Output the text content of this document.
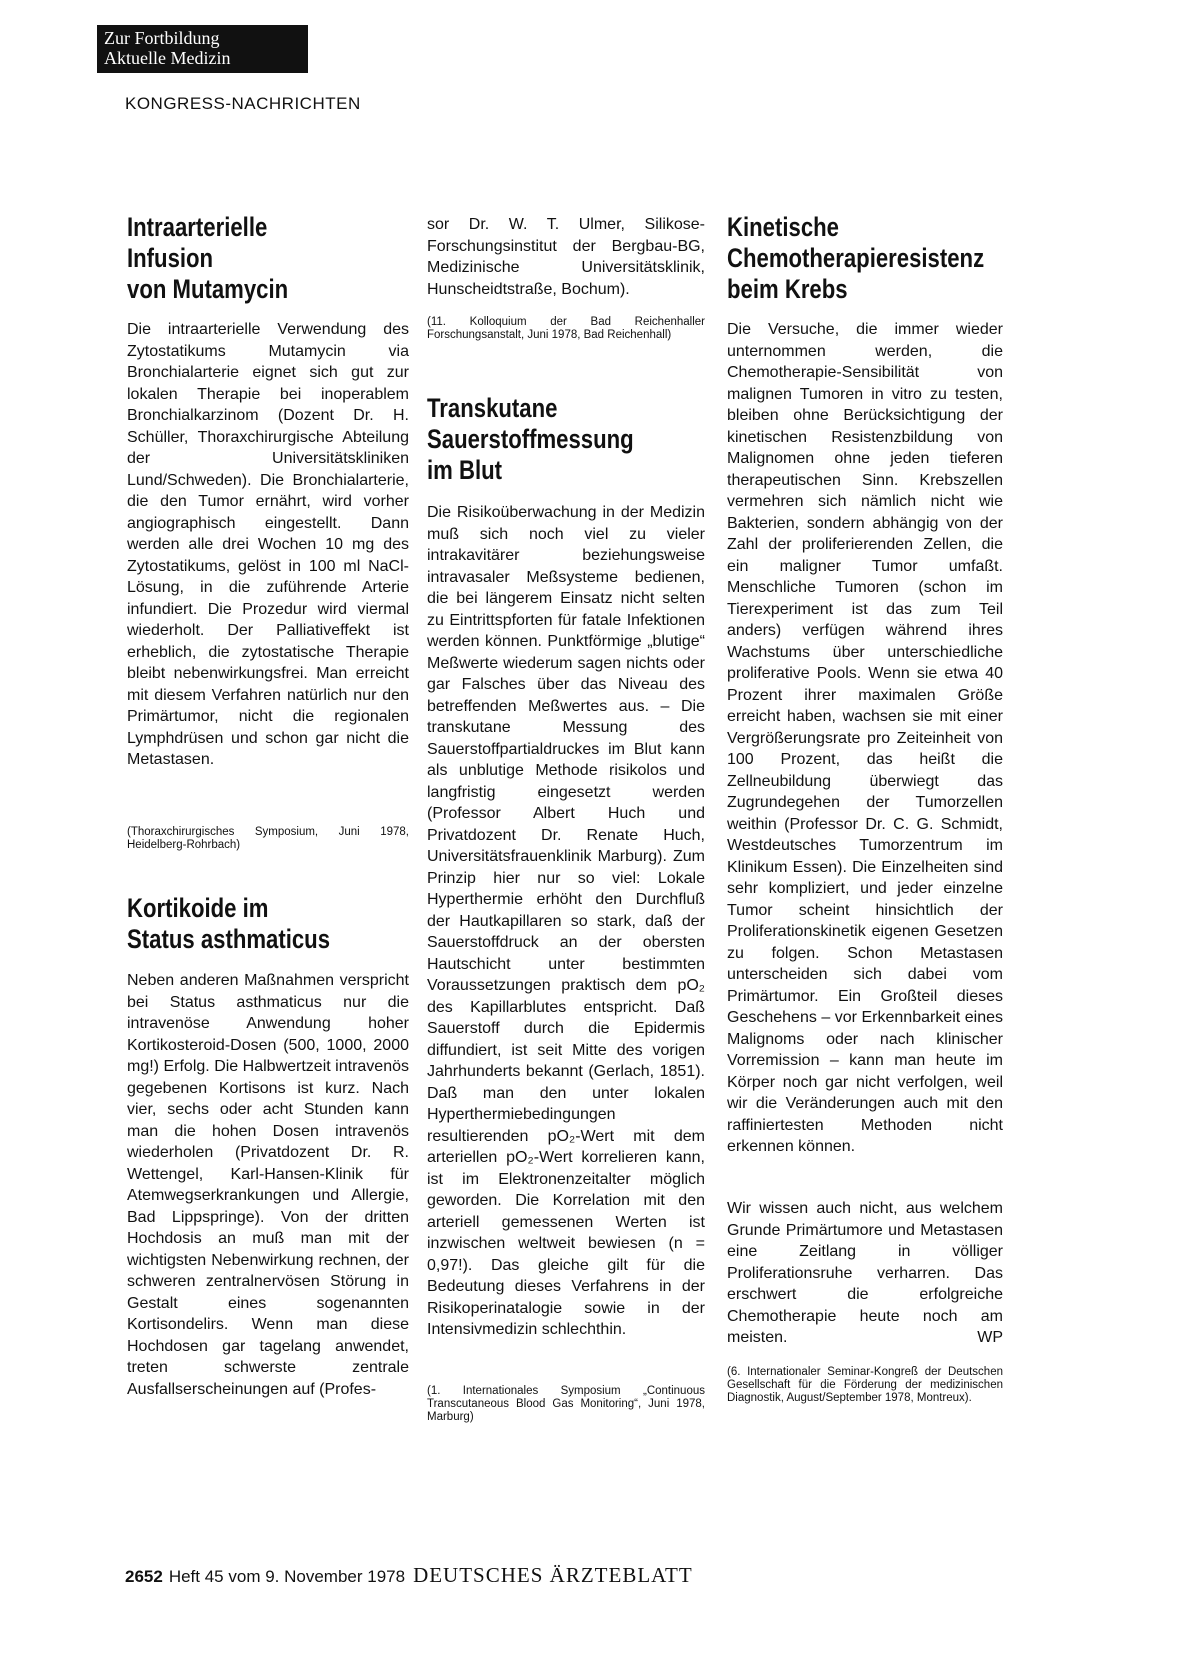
Zur Fortbildung
Aktuelle Medizin
KONGRESS-NACHRICHTEN
Intraarterielle
Infusion
von Mutamycin
Die intraarterielle Verwendung des Zytostatikums Mutamycin via Bronchialarterie eignet sich gut zur lokalen Therapie bei inoperablem Bronchialkarzinom (Dozent Dr. H. Schüller, Thoraxchirurgische Abteilung der Universitätskliniken Lund/Schweden). Die Bronchialarterie, die den Tumor ernährt, wird vorher angiographisch eingestellt. Dann werden alle drei Wochen 10 mg des Zytostatikums, gelöst in 100 ml NaCl-Lösung, in die zuführende Arterie infundiert. Die Prozedur wird viermal wiederholt. Der Palliativeffekt ist erheblich, die zytostatische Therapie bleibt nebenwirkungsfrei. Man erreicht mit diesem Verfahren natürlich nur den Primärtumor, nicht die regionalen Lymphdrüsen und schon gar nicht die Metastasen.
(Thoraxchirurgisches Symposium, Juni 1978, Heidelberg-Rohrbach)
Kortikoide im
Status asthmaticus
Neben anderen Maßnahmen verspricht bei Status asthmaticus nur die intravenöse Anwendung hoher Kortikosteroid-Dosen (500, 1000, 2000 mg!) Erfolg. Die Halbwertzeit intravenös gegebenen Kortisons ist kurz. Nach vier, sechs oder acht Stunden kann man die hohen Dosen intravenös wiederholen (Privatdozent Dr. R. Wettengel, Karl-Hansen-Klinik für Atemwegserkrankungen und Allergie, Bad Lippspringe). Von der dritten Hochdosis an muß man mit der wichtigsten Nebenwirkung rechnen, der schweren zentralnervösen Störung in Gestalt eines sogenannten Kortisondelirs. Wenn man diese Hochdosen gar tagelang anwendet, treten schwerste zentrale Ausfallserscheinungen auf (Profes-
sor Dr. W. T. Ulmer, Silikose-Forschungsinstitut der Bergbau-BG, Medizinische Universitätsklinik, Hunscheidtstraße, Bochum).
(11. Kolloquium der Bad Reichenhaller Forschungsanstalt, Juni 1978, Bad Reichenhall)
Transkutane
Sauerstoffmessung
im Blut
Die Risikoüberwachung in der Medizin muß sich noch viel zu vieler intrakavitärer beziehungsweise intravasaler Meßsysteme bedienen, die bei längerem Einsatz nicht selten zu Eintrittspforten für fatale Infektionen werden können. Punktförmige „blutige“ Meßwerte wiederum sagen nichts oder gar Falsches über das Niveau des betreffenden Meßwertes aus. – Die transkutane Messung des Sauerstoffpartialdruckes im Blut kann als unblutige Methode risikolos und langfristig eingesetzt werden (Professor Albert Huch und Privatdozent Dr. Renate Huch, Universitätsfrauenklinik Marburg). Zum Prinzip hier nur so viel: Lokale Hyperthermie erhöht den Durchfluß der Hautkapillaren so stark, daß der Sauerstoffdruck an der obersten Hautschicht unter bestimmten Voraussetzungen praktisch dem pO₂ des Kapillarblutes entspricht. Daß Sauerstoff durch die Epidermis diffundiert, ist seit Mitte des vorigen Jahrhunderts bekannt (Gerlach, 1851). Daß man den unter lokalen Hyperthermiebedingungen resultierenden pO₂-Wert mit dem arteriellen pO₂-Wert korrelieren kann, ist im Elektronenzeitalter möglich geworden. Die Korrelation mit den arteriell gemessenen Werten ist inzwischen weltweit bewiesen (n = 0,97!). Das gleiche gilt für die Bedeutung dieses Verfahrens in der Risikoperinatalogie sowie in der Intensivmedizin schlechthin.
(1. Internationales Symposium „Continuous Transcutaneous Blood Gas Monitoring“, Juni 1978, Marburg)
Kinetische
Chemotherapieresistenz
beim Krebs
Die Versuche, die immer wieder unternommen werden, die Chemotherapie-Sensibilität von malignen Tumoren in vitro zu testen, bleiben ohne Berücksichtigung der kinetischen Resistenzbildung von Malignomen ohne jeden tieferen therapeutischen Sinn. Krebszellen vermehren sich nämlich nicht wie Bakterien, sondern abhängig von der Zahl der proliferierenden Zellen, die ein maligner Tumor umfaßt. Menschliche Tumoren (schon im Tierexperiment ist das zum Teil anders) verfügen während ihres Wachstums über unterschiedliche proliferative Pools. Wenn sie etwa 40 Prozent ihrer maximalen Größe erreicht haben, wachsen sie mit einer Vergrößerungsrate pro Zeiteinheit von 100 Prozent, das heißt die Zellneubildung überwiegt das Zugrundegehen der Tumorzellen weithin (Professor Dr. C. G. Schmidt, Westdeutsches Tumorzentrum im Klinikum Essen). Die Einzelheiten sind sehr kompliziert, und jeder einzelne Tumor scheint hinsichtlich der Proliferationskinetik eigenen Gesetzen zu folgen. Schon Metastasen unterscheiden sich dabei vom Primärtumor. Ein Großteil dieses Geschehens – vor Erkennbarkeit eines Malignoms oder nach klinischer Vorremission – kann man heute im Körper noch gar nicht verfolgen, weil wir die Veränderungen auch mit den raffiniertesten Methoden nicht erkennen können.
Wir wissen auch nicht, aus welchem Grunde Primärtumore und Metastasen eine Zeitlang in völliger Proliferationsruhe verharren. Das erschwert die erfolgreiche Chemotherapie heute noch am meisten.	WP
(6. Internationaler Seminar-Kongreß der Deutschen Gesellschaft für die Förderung der medizinischen Diagnostik, August/September 1978, Montreux).
2652 Heft 45 vom 9. November 1978 DEUTSCHES ÄRZTEBLATT
